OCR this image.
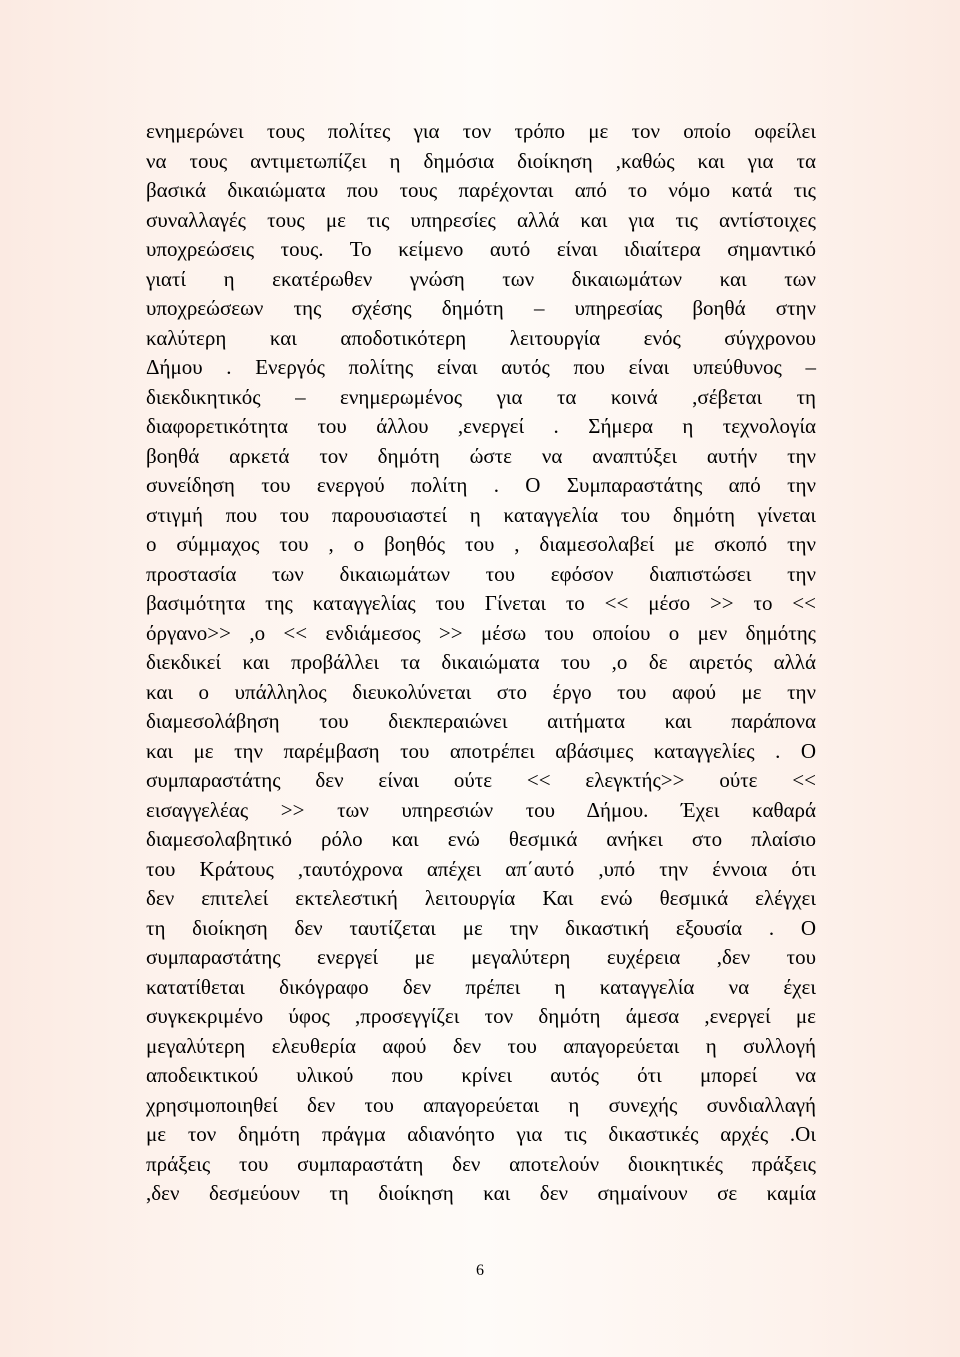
ενημερώνει τους πολίτες για τον τρόπο με τον οποίο οφείλει
να τους αντιμετωπίζει η δημόσια διοίκηση ,καθώς και για τα
βασικά δικαιώματα που τους παρέχονται από το νόμο κατά τις
συναλλαγές τους με τις υπηρεσίες αλλά και για τις αντίστοιχες
υποχρεώσεις τους. Το κείμενο αυτό είναι ιδιαίτερα σημαντικό
γιατί η εκατέρωθεν γνώση των δικαιωμάτων και των
υποχρεώσεων της σχέσης δημότη – υπηρεσίας βοηθά στην
καλύτερη και αποδοτικότερη λειτουργία ενός σύγχρονου
Δήμου . Ενεργός πολίτης είναι αυτός που είναι υπεύθυνος –
διεκδικητικός – ενημερωμένος για τα κοινά ,σέβεται τη
διαφορετικότητα του άλλου ,ενεργεί . Σήμερα η τεχνολογία
βοηθά αρκετά τον δημότη ώστε να αναπτύξει αυτήν την
συνείδηση του ενεργού πολίτη . Ο Συμπαραστάτης από την
στιγμή που του παρουσιαστεί η καταγγελία του δημότη γίνεται
ο σύμμαχος του , ο βοηθός του , διαμεσολαβεί με σκοπό την
προστασία των δικαιωμάτων του εφόσον διαπιστώσει την
βασιμότητα της καταγγελίας του Γίνεται το << μέσο >> το <<
όργανο>> ,ο << ενδιάμεσος >> μέσω του οποίου ο μεν δημότης
διεκδικεί και προβάλλει τα δικαιώματα του ,ο δε αιρετός αλλά
και ο υπάλληλος διευκολύνεται στο έργο του αφού με την
διαμεσολάβηση του διεκπεραιώνει αιτήματα και παράπονα
και με την παρέμβαση του αποτρέπει αβάσιμες καταγγελίες . Ο
συμπαραστάτης δεν είναι ούτε << ελεγκτής>> ούτε <<
εισαγγελέας >> των υπηρεσιών του Δήμου. Έχει καθαρά
διαμεσολαβητικό ρόλο και ενώ θεσμικά ανήκει στο πλαίσιο
του Κράτους ,ταυτόχρονα απέχει απ΄αυτό ,υπό την έννοια ότι
δεν επιτελεί εκτελεστική λειτουργία Και ενώ θεσμικά ελέγχει
τη διοίκηση δεν ταυτίζεται με την δικαστική εξουσία . Ο
συμπαραστάτης ενεργεί με μεγαλύτερη ευχέρεια ,δεν του
κατατίθεται δικόγραφο δεν πρέπει η καταγγελία να έχει
συγκεκριμένο ύφος ,προσεγγίζει τον δημότη άμεσα ,ενεργεί με
μεγαλύτερη ελευθερία αφού δεν του απαγορεύεται η συλλογή
αποδεικτικού υλικού που κρίνει αυτός ότι μπορεί να
χρησιμοποιηθεί δεν του απαγορεύεται η συνεχής συνδιαλλαγή
με τον δημότη πράγμα αδιανόητο για τις δικαστικές αρχές .Οι
πράξεις του συμπαραστάτη δεν αποτελούν διοικητικές πράξεις
,δεν δεσμεύουν τη διοίκηση και δεν σημαίνουν σε καμία
6
